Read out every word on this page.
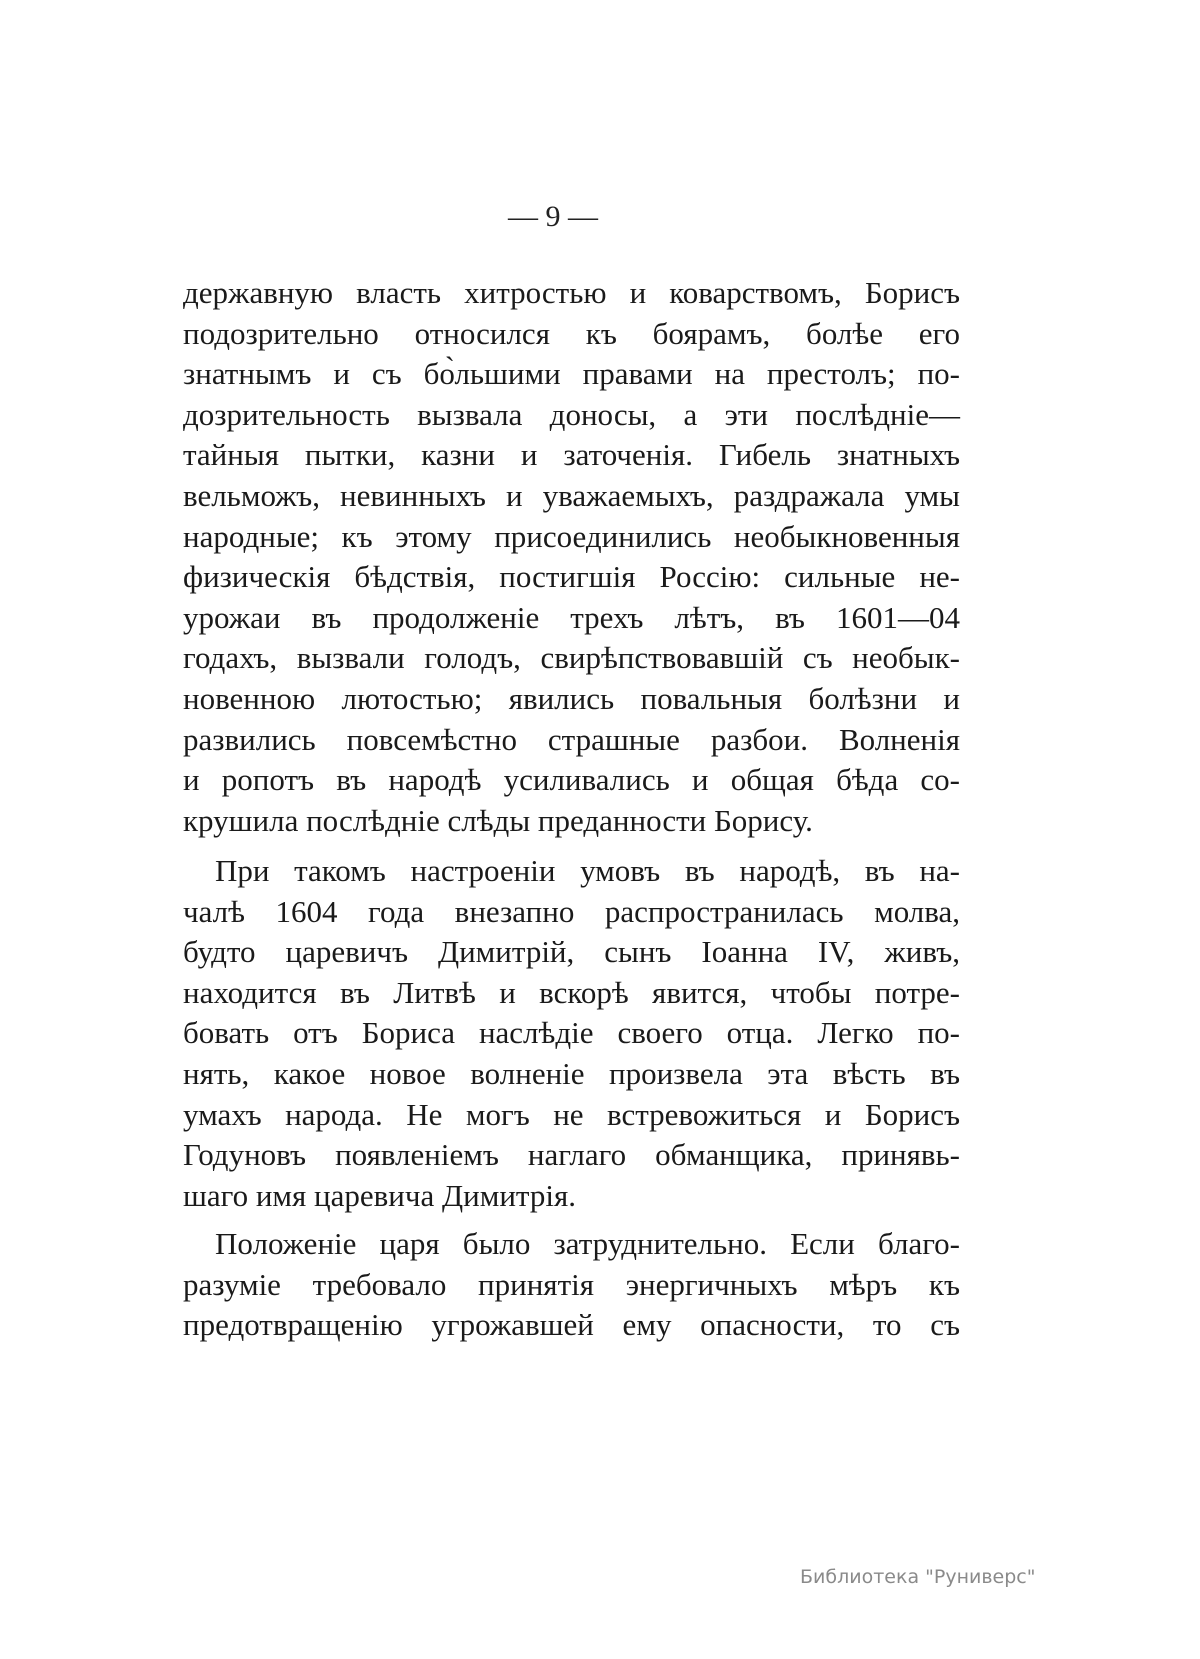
— 9 —
державную власть хитростью и коварствомъ, Борисъ
подозрительно относился къ боярамъ, болѣе его
знатнымъ и съ бо̀льшими правами на престолъ; по-
дозрительность вызвала доносы, а эти послѣдніе—
тайныя пытки, казни и заточенія. Гибель знатныхъ
вельможъ, невинныхъ и уважаемыхъ, раздражала умы
народные; къ этому присоединились необыкновенныя
физическія бѣдствія, постигшія Россію: сильные не-
урожаи въ продолженіе трехъ лѣтъ, въ 1601—04
годахъ, вызвали голодъ, свирѣпствовавшій съ необык-
новенною лютостью; явились повальныя болѣзни и
развились повсемѣстно страшные разбои. Волненія
и ропотъ въ народѣ усиливались и общая бѣда со-
крушила послѣдніе слѣды преданности Борису.
При такомъ настроеніи умовъ въ народѣ, въ на-
чалѣ 1604 года внезапно распространилась молва,
будто царевичъ Димитрій, сынъ Іоанна IV, живъ,
находится въ Литвѣ и вскорѣ явится, чтобы потре-
бовать отъ Бориса наслѣдіе своего отца. Легко по-
нять, какое новое волненіе произвела эта вѣсть въ
умахъ народа. Не могъ не встревожиться и Борисъ
Годуновъ появленіемъ наглаго обманщика, принявь-
шаго имя царевича Димитрія.
Положеніе царя было затруднительно. Если благо-
разуміе требовало принятія энергичныхъ мѣръ къ
предотвращенію угрожавшей ему опасности, то съ
Библиотека "Руниверс"
